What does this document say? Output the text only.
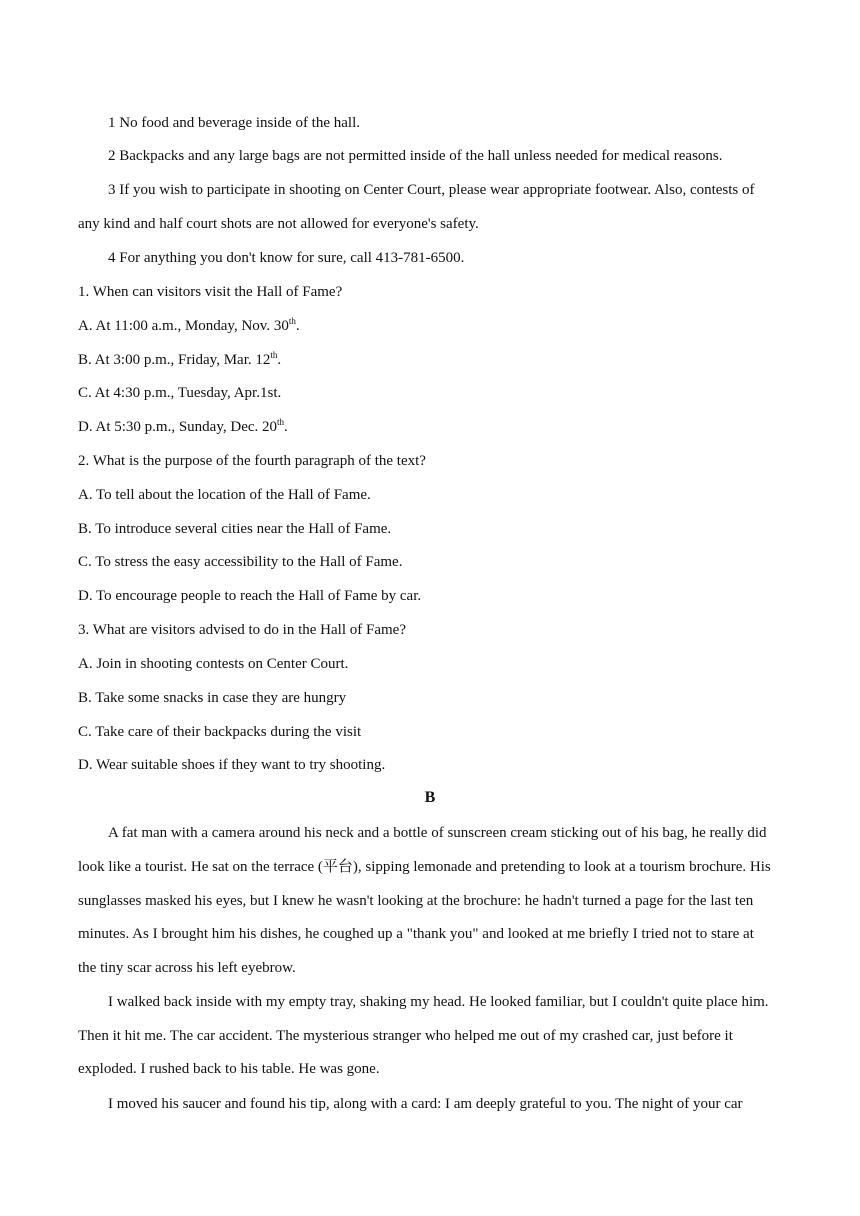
1 No food and beverage inside of the hall.
2 Backpacks and any large bags are not permitted inside of the hall unless needed for medical reasons.
3 If you wish to participate in shooting on Center Court, please wear appropriate footwear. Also, contests of
any kind and half court shots are not allowed for everyone's safety.
4 For anything you don't know for sure, call 413-781-6500.
1. When can visitors visit the Hall of Fame?
A. At 11:00 a.m., Monday, Nov. 30th.
B. At 3:00 p.m., Friday, Mar. 12th.
C. At 4:30 p.m., Tuesday, Apr.1st.
D. At 5:30 p.m., Sunday, Dec. 20th.
2. What is the purpose of the fourth paragraph of the text?
A. To tell about the location of the Hall of Fame.
B. To introduce several cities near the Hall of Fame.
C. To stress the easy accessibility to the Hall of Fame.
D. To encourage people to reach the Hall of Fame by car.
3. What are visitors advised to do in the Hall of Fame?
A. Join in shooting contests on Center Court.
B. Take some snacks in case they are hungry
C. Take care of their backpacks during the visit
D. Wear suitable shoes if they want to try shooting.
B
A fat man with a camera around his neck and a bottle of sunscreen cream sticking out of his bag, he really did
look like a tourist. He sat on the terrace (平台), sipping lemonade and pretending to look at a tourism brochure. His
sunglasses masked his eyes, but I knew he wasn't looking at the brochure: he hadn't turned a page for the last ten
minutes. As I brought him his dishes, he coughed up a "thank you" and looked at me briefly I tried not to stare at
the tiny scar across his left eyebrow.
I walked back inside with my empty tray, shaking my head. He looked familiar, but I couldn't quite place him.
Then it hit me. The car accident. The mysterious stranger who helped me out of my crashed car, just before it
exploded. I rushed back to his table. He was gone.
I moved his saucer and found his tip, along with a card: I am deeply grateful to you. The night of your car
